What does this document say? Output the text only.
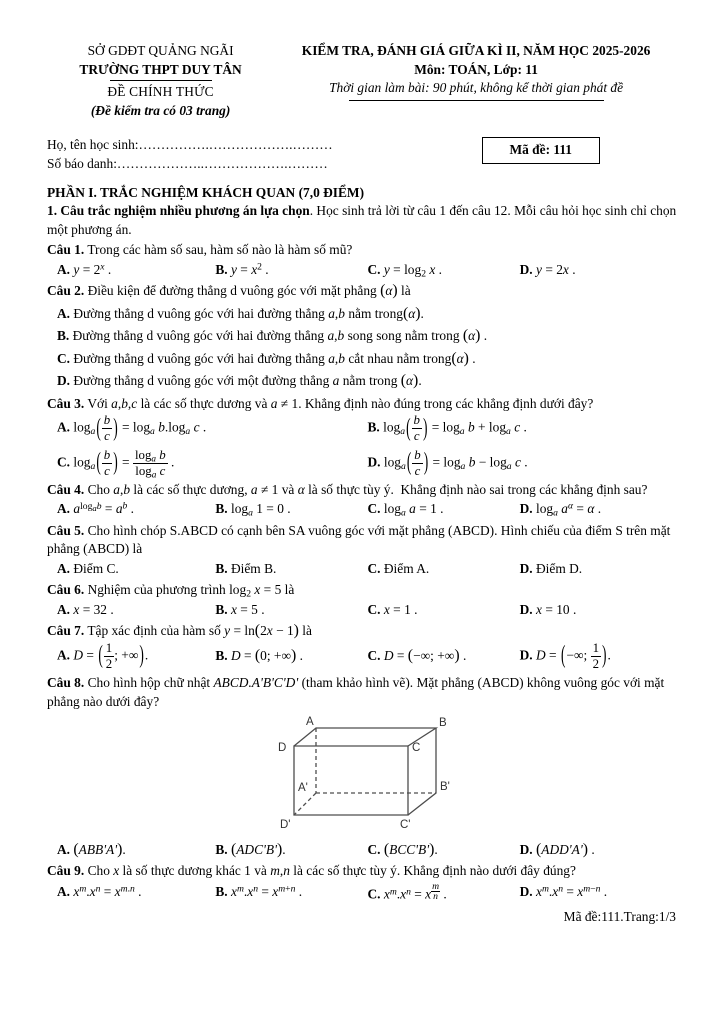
SỞ GDĐT QUẢNG NGÃI
TRƯỜNG THPT DUY TÂN
ĐỀ CHÍNH THỨC
(Đề kiểm tra có 03 trang)
KIỂM TRA, ĐÁNH GIÁ GIỮA KÌ II, NĂM HỌC 2025-2026
Môn: TOÁN, Lớp: 11
Thời gian làm bài: 90 phút, không kể thời gian phát đề
Họ, tên học sinh:…………….……………….………
Số báo danh:………………..……………….………
Mã đề: 111
PHẦN I. TRẮC NGHIỆM KHÁCH QUAN (7,0 ĐIỂM)

1. Câu trắc nghiệm nhiều phương án lựa chọn. Học sinh trả lời từ câu 1 đến câu 12. Mỗi câu hỏi học sinh chỉ chọn một phương án.

Câu 1. Trong các hàm số sau, hàm số nào là hàm số mũ?

A. $y = 2^x$ .	B. $y = x^2$ .	C. $y = \log_2 x$ .	D. y = 2x .

Câu 2. Điều kiện để đường thẳng d vuông góc với mặt phẳng (α) là

A. Đường thẳng d vuông góc với hai đường thẳng a,b nằm trong(α).
B. Đường thẳng d vuông góc với hai đường thẳng a,b song song nằm trong (α) .
C. Đường thẳng d vuông góc với hai đường thẳng a,b cắt nhau nằm trong(α) .
D. Đường thẳng d vuông góc với một đường thẳng a nằm trong (α).

Câu 3. Với a,b,c là các số thực dương và a ≠ 1. Khẳng định nào đúng trong các khẳng định dưới đây?

A. $\log_a( \frac{b}{c}$ ) = $\log_a b.\log_a$ c .	B. $\log_a( \frac{b}{c}$ ) = $\log_a b + \log_a c$ .
C. $\log_a( \frac{b}{c}$ ) = $\frac{\log_a b}{\log_a c}$ .	D. $\log_a( \frac{b}{c}$ ) = $\log_a b - \log_a c$ .

Câu 4. Cho a,b là các số thực dương, a ≠ 1 và α là số thực tùy ý.  Khẳng định nào sai trong các khẳng định sau?

A. $a^{log_ab} = a^b$ .	B. $\log_a 1 = 0$ .	C. $\log_a a = 1$ .	D. $\log_a a^\alpha = \alpha$ .

Câu 5. Cho hình chóp S.ABCD có cạnh bên SA vuông góc với mặt phẳng (ABCD). Hình chiếu của điểm S trên mặt phẳng (ABCD) là

A. Điểm C.	B. Điểm B.	C. Điểm A.	D. Điểm D.

Câu 6. Nghiệm của phương trình $\log_2 x = 5$ là

A. x = 32 .	B. x = 5 .	C. x = 1 .	D. x = 10 .

Câu 7. Tập xác định của hàm số y = ln(2x − 1) là

A. D = ( $\frac{1}{2}$ ; +∞).	B. D = (0; +∞) .	C. D = (−∞; +∞) .	D. D = (−∞; $\frac{1}{2}$ ).

Câu 8. Cho hình hộp chữ nhật ABCD.A'B'C'D' (tham khảo hình vẽ). Mặt phẳng (ABCD) không vuông góc với mặt phẳng nào dưới đây?

A	B
C
D
A'	B'
C'
D'
A. (ABB'A').	B. (ADC'B').	C. (BCC'B').	D. (ADD'A') .

Câu 9. Cho x là số thực dương khác 1 và m,n là các số thực tùy ý. Khẳng định nào dưới đây đúng?

A. $x^m.x^n = x^{m.n}$ .	B. $x^m.x^n = x^{m+n}$ .	C. $x^m.x^n = x$ $^{\frac{m}{n}}$ .	D. $x^m.x^n = x^{m-n}$ .
Mã đề:111.Trang:1/3
